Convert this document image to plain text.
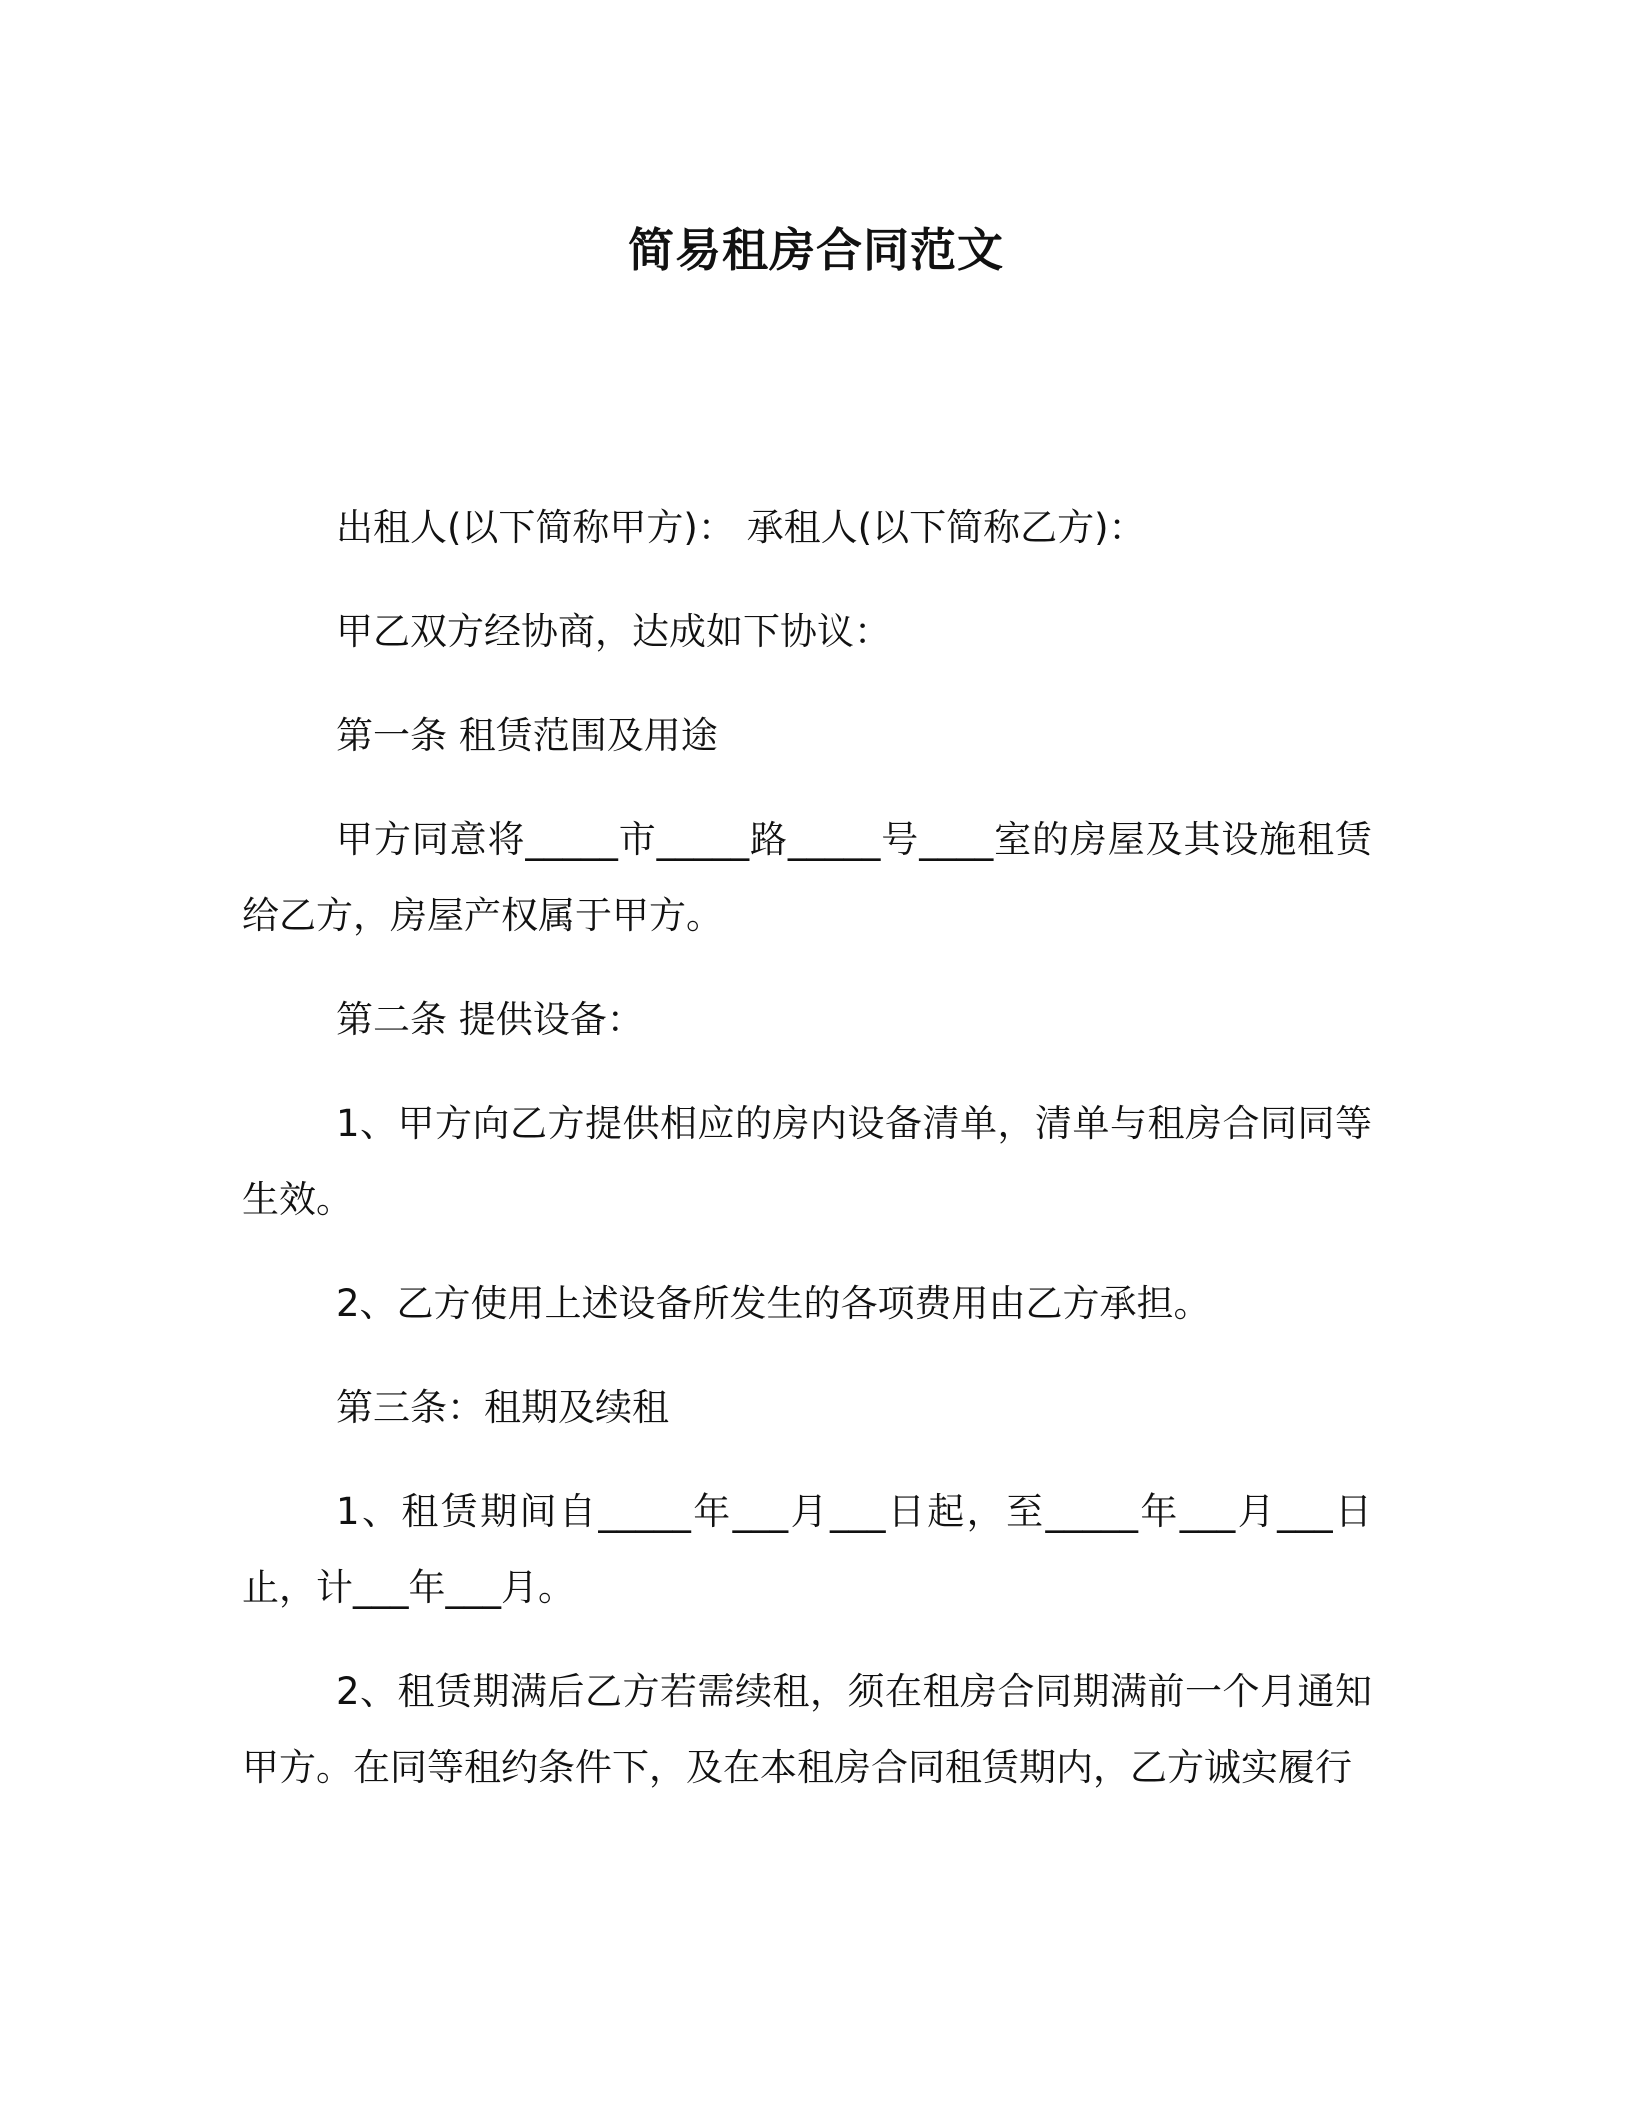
简易租房合同范文

出租人(以下简称甲方)： 承租人(以下简称乙方)：

甲乙双方经协商，达成如下协议：

第一条 租赁范围及用途

甲方同意将_____市_____路_____号____室的房屋及其设施租赁给乙方，房屋产权属于甲方。

第二条 提供设备：

1、甲方向乙方提供相应的房内设备清单，清单与租房合同同等生效。

2、乙方使用上述设备所发生的各项费用由乙方承担。

第三条：租期及续租

1、租赁期间自_____年___月___日起，至_____年___月___日止，计___年___月。

2、租赁期满后乙方若需续租，须在租房合同期满前一个月通知甲方。在同等租约条件下，及在本租房合同租赁期内，乙方诚实履行
